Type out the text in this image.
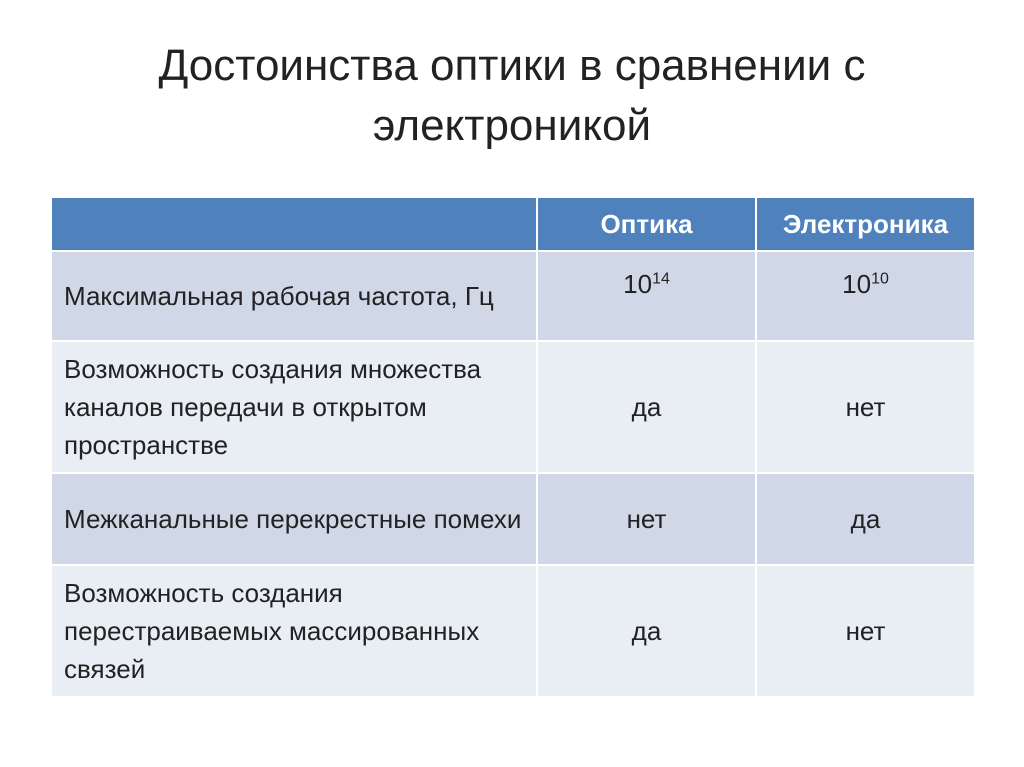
Достоинства оптики в сравнении с электроникой
	Оптика	Электроника
Максимальная рабочая частота, Гц	$10^{14}$	$10^{10}$
Возможность создания множества каналов передачи в открытом пространстве	да	нет
Межканальные перекрестные помехи	нет	да
Возможность создания перестраиваемых массированных связей	да	нет
